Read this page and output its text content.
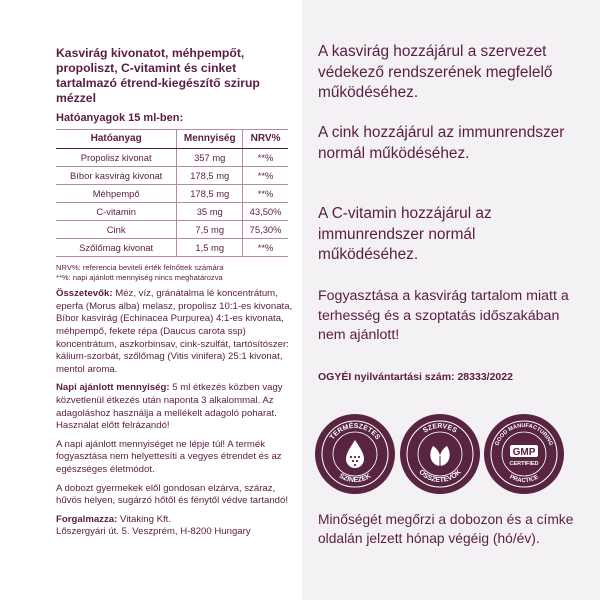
Kasvirág kivonatot, méhpempőt, propoliszt, C-vitamint és cinket tartalmazó étrend-kiegészítő szirup mézzel

Hatóanyagok 15 ml-ben:

Hatóanyag	Mennyiség	NRV%
Propolisz kivonat	357 mg	**%
Bíbor kasvirág kivonat	178,5 mg	**%
Méhpempő	178,5 mg	**%
C-vitamin	35 mg	43,50%
Cink	7,5 mg	75,30%
Szőlőmag kivonat	1,5 mg	**%

NRV%: referencia beviteli érték felnőttek számára

**%: napi ajánlott mennyiség nincs meghatározva

Összetevők: Méz, víz, gránátalma lé koncentrátum, eperfa (Morus alba) melasz, propolisz 10:1-es kivonata, Bíbor kasvirág (Echinacea Purpurea) 4:1-es kivonata, méhpempő, fekete répa (Daucus carota ssp) koncentrátum, aszkorbinsav, cink-szulfát, tartósítószer: kálium-szorbát, szőlőmag (Vitis vinifera) 25:1 kivonat, mentol aroma.

Napi ajánlott mennyiség: 5 ml étkezés közben vagy közvetlenül étkezés után naponta 3 alkalommal. Az adagoláshoz használja a mellékelt adagoló poharat. Használat előtt felrázandó!

A napi ajánlott mennyiséget ne lépje túl! A termék fogyasztása nem helyettesíti a vegyes étrendet és az egészséges életmódot.

A dobozt gyermekek elől gondosan elzárva, száraz, hűvös helyen, sugárzó hőtől és fénytől védve tartandó!

Forgalmazza: Vitaking Kft.
Lőszergyári út. 5. Veszprém, H-8200 Hungary

A kasvirág hozzájárul a szervezet védekező rendszerének megfelelő működéséhez.

A cink hozzájárul az immunrendszer normál működéséhez.

A C-vitamin hozzájárul az immunrendszer normál működéséhez.

Fogyasztása a kasvirág tartalom miatt a terhesség és a szoptatás időszakában nem ajánlott!

OGYÉI nyilvántartási szám: 28333/2022

TERMÉSZETES
SZÍNEZÉK
SZERVES
ÖSSZETEVŐK
GOOD MANUFACTURING
PRACTICE
GMP
CERTIFIED

Minőségét megőrzi a dobozon és a címke oldalán jelzett hónap végéig (hó/év).
